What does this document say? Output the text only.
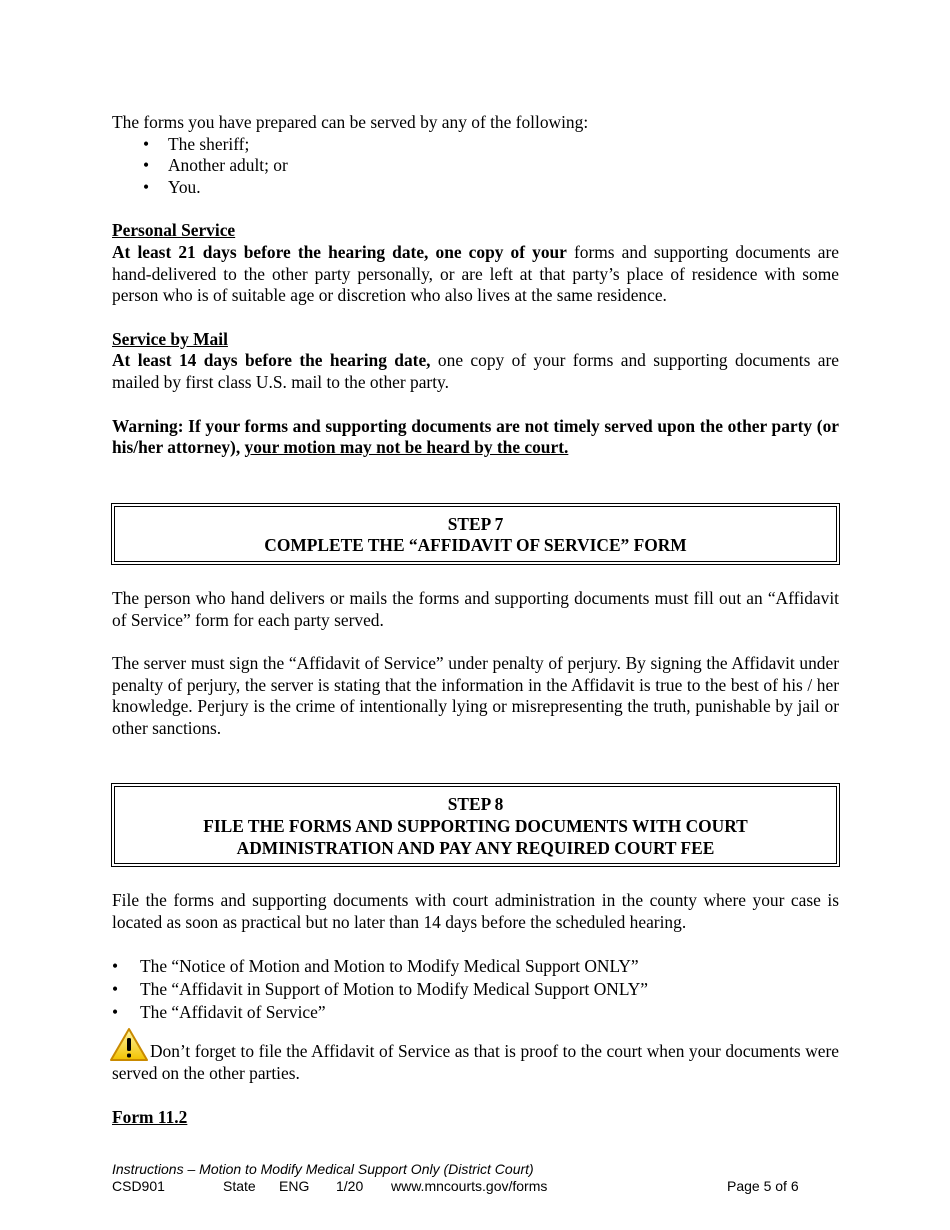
The forms you have prepared can be served by any of the following:

• The sheriff;
• Another adult; or
• You.

Personal Service

At least 21 days before the hearing date, one copy of your forms and supporting documents are hand-delivered to the other party personally, or are left at that party’s place of residence with some person who is of suitable age or discretion who also lives at the same residence.

Service by Mail

At least 14 days before the hearing date, one copy of your forms and supporting documents are mailed by first class U.S. mail to the other party.

Warning: If your forms and supporting documents are not timely served upon the other party (or his/her attorney), your motion may not be heard by the court.

STEP 7
COMPLETE THE “AFFIDAVIT OF SERVICE” FORM

The person who hand delivers or mails the forms and supporting documents must fill out an “Affidavit of Service” form for each party served.

The server must sign the “Affidavit of Service” under penalty of perjury. By signing the Affidavit under penalty of perjury, the server is stating that the information in the Affidavit is true to the best of his / her knowledge. Perjury is the crime of intentionally lying or misrepresenting the truth, punishable by jail or other sanctions.

STEP 8
FILE THE FORMS AND SUPPORTING DOCUMENTS WITH COURT
ADMINISTRATION AND PAY ANY REQUIRED COURT FEE

File the forms and supporting documents with court administration in the county where your case is located as soon as practical but no later than 14 days before the scheduled hearing.

• The “Notice of Motion and Motion to Modify Medical Support ONLY”
• The “Affidavit in Support of Motion to Modify Medical Support ONLY”
• The “Affidavit of Service”

Don’t forget to file the Affidavit of Service as that is proof to the court when your documents were served on the other parties.

Form 11.2

Instructions – Motion to Modify Medical Support Only (District Court)
CSD901	State ENG 1/20 www.mncourts.gov/forms	Page 5 of 6
